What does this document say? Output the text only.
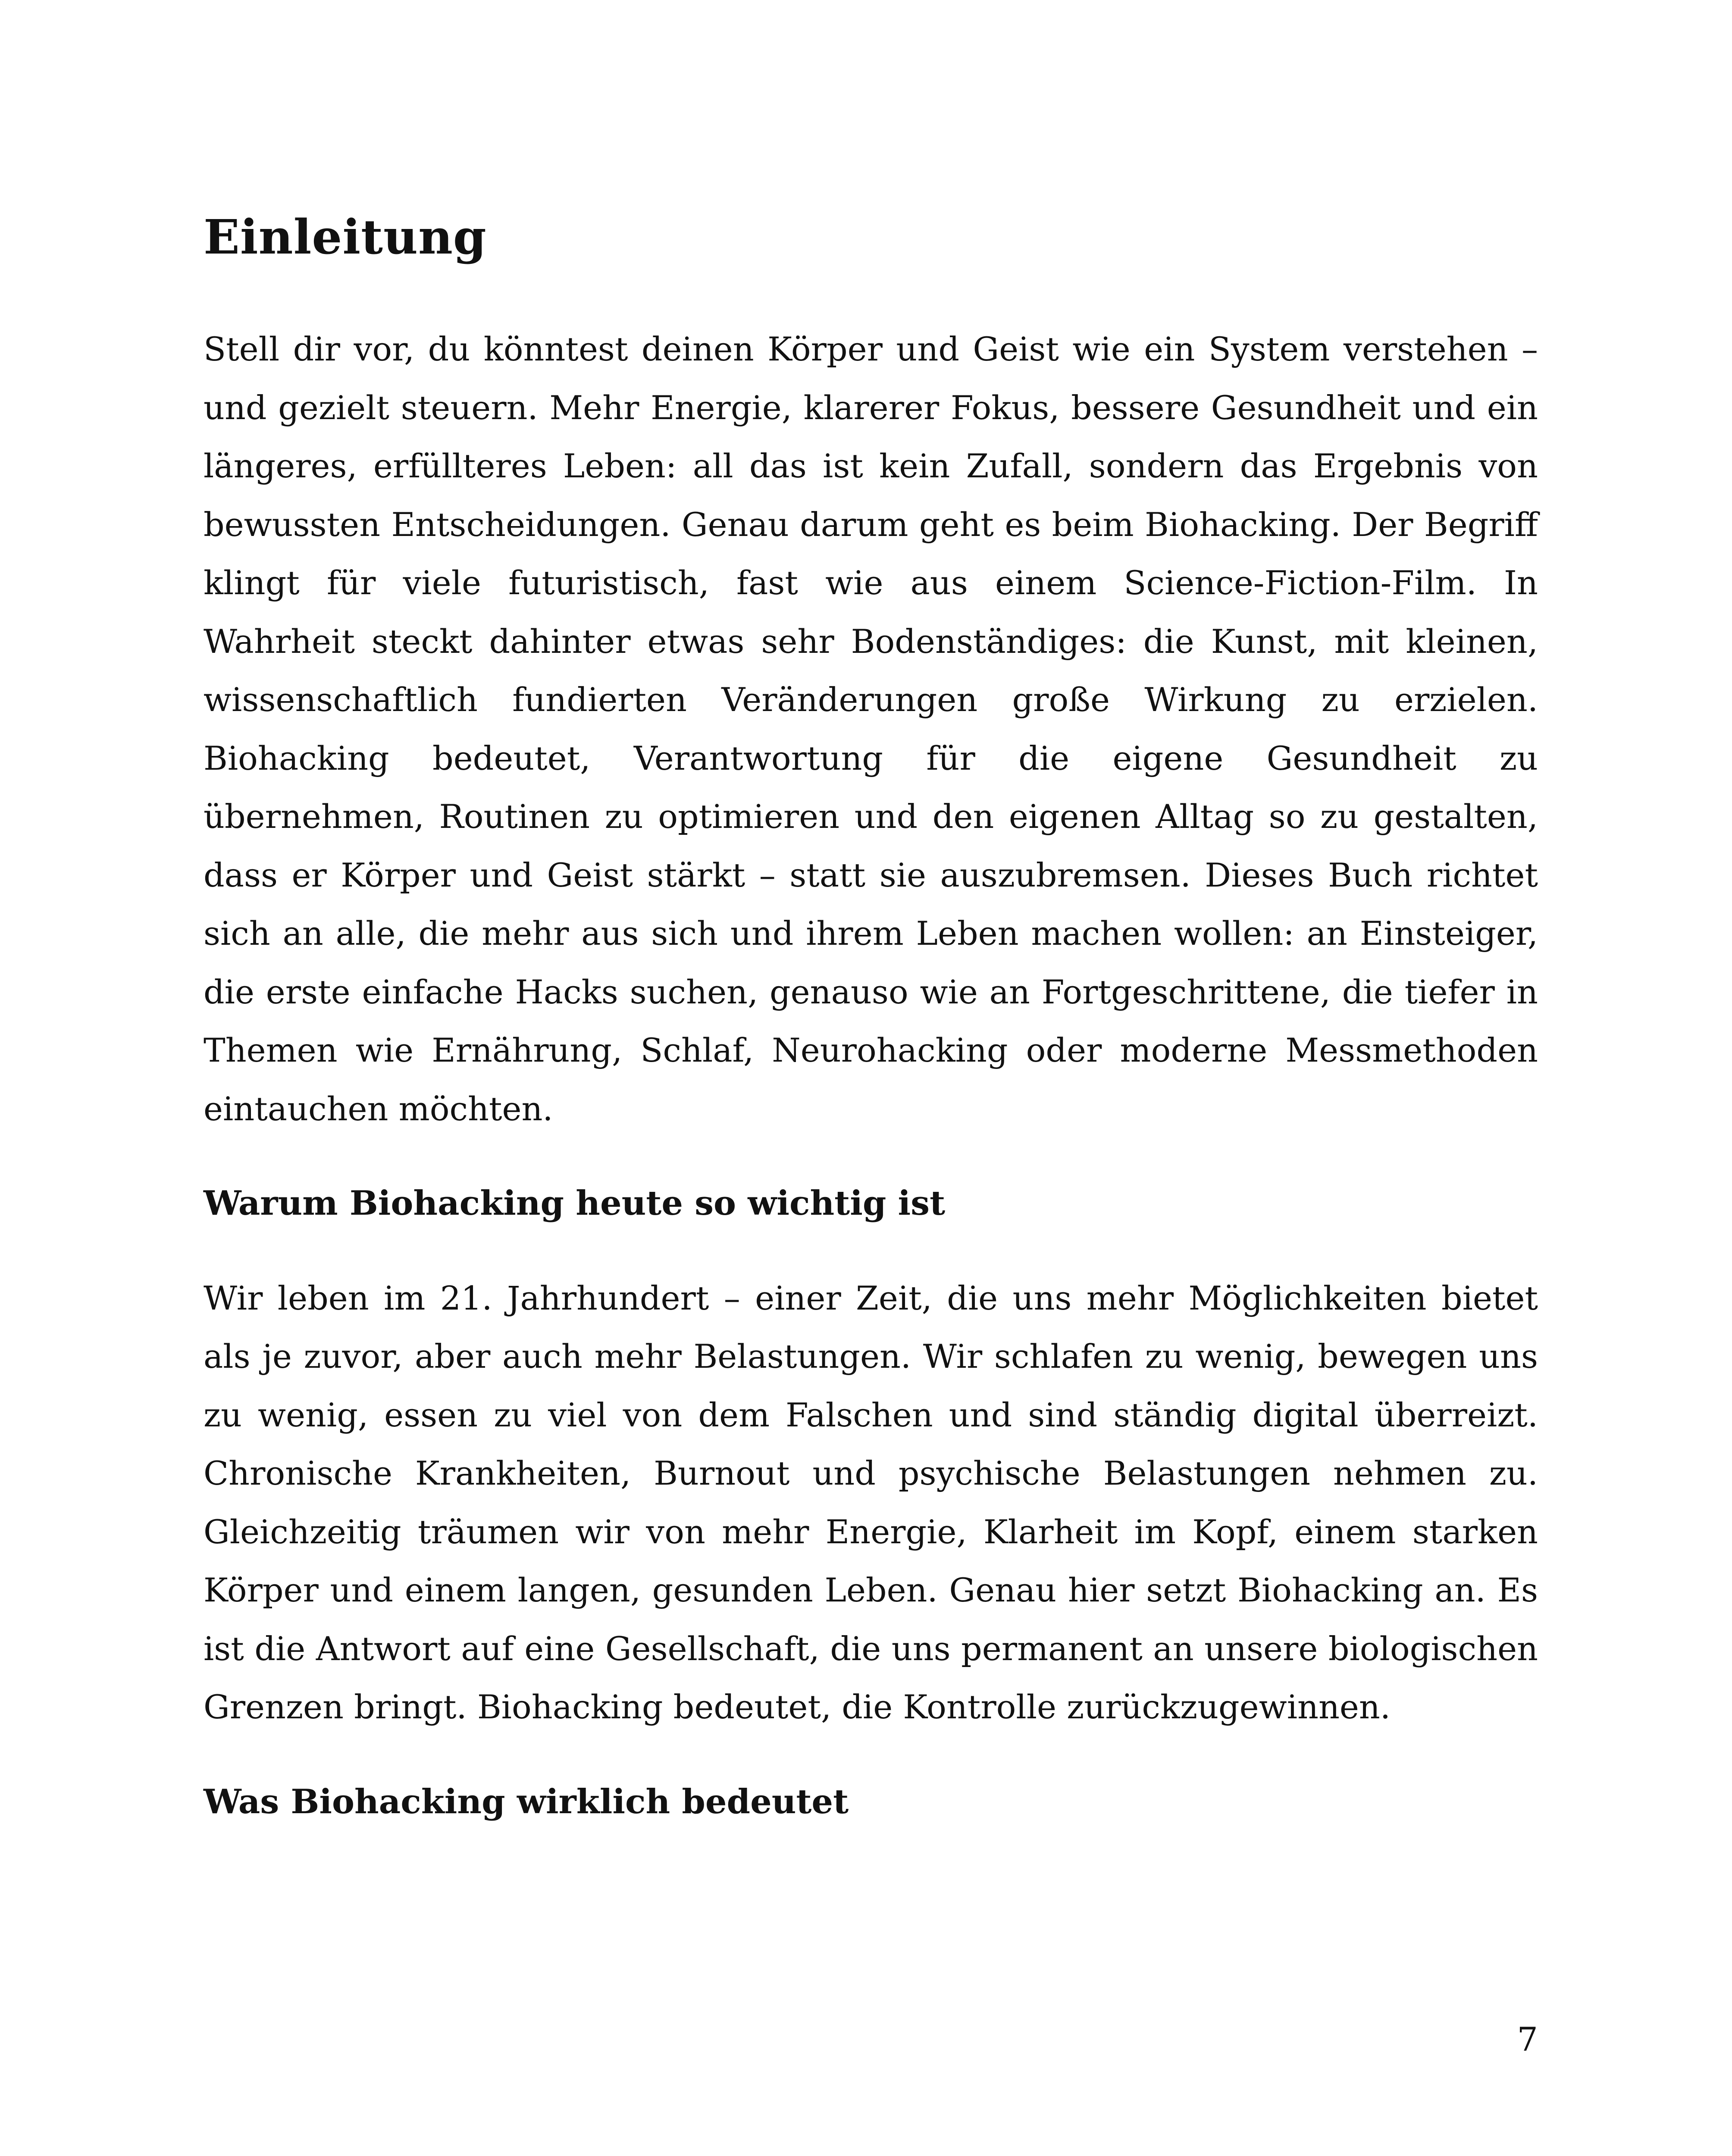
Einleitung

Stell dir vor, du könntest deinen Körper und Geist wie ein System verstehen – und gezielt steuern. Mehr Energie, klarerer Fokus, bessere Gesundheit und ein längeres, erfüllteres Leben: all das ist kein Zufall, sondern das Ergebnis von bewussten Entscheidungen. Genau darum geht es beim Biohacking. Der Begriff klingt für viele futuristisch, fast wie aus einem Science-Fiction-Film. In Wahrheit steckt dahinter etwas sehr Bodenständiges: die Kunst, mit kleinen, wissenschaftlich fundierten Veränderungen große Wirkung zu erzielen. Biohacking bedeutet, Verantwortung für die eigene Gesundheit zu übernehmen, Routinen zu optimieren und den eigenen Alltag so zu gestalten, dass er Körper und Geist stärkt – statt sie auszubremsen. Dieses Buch richtet sich an alle, die mehr aus sich und ihrem Leben machen wollen: an Einsteiger, die erste einfache Hacks suchen, genauso wie an Fortgeschrittene, die tiefer in Themen wie Ernährung, Schlaf, Neurohacking oder moderne Messmethoden eintauchen möchten.

Warum Biohacking heute so wichtig ist

Wir leben im 21. Jahrhundert – einer Zeit, die uns mehr Möglichkeiten bietet als je zuvor, aber auch mehr Belastungen. Wir schlafen zu wenig, bewegen uns zu wenig, essen zu viel von dem Falschen und sind ständig digital überreizt. Chronische Krankheiten, Burnout und psychische Belastungen nehmen zu. Gleichzeitig träumen wir von mehr Energie, Klarheit im Kopf, einem starken Körper und einem langen, gesunden Leben. Genau hier setzt Biohacking an. Es ist die Antwort auf eine Gesellschaft, die uns permanent an unsere biologischen Grenzen bringt. Biohacking bedeutet, die Kontrolle zurückzugewinnen.

Was Biohacking wirklich bedeutet
7
